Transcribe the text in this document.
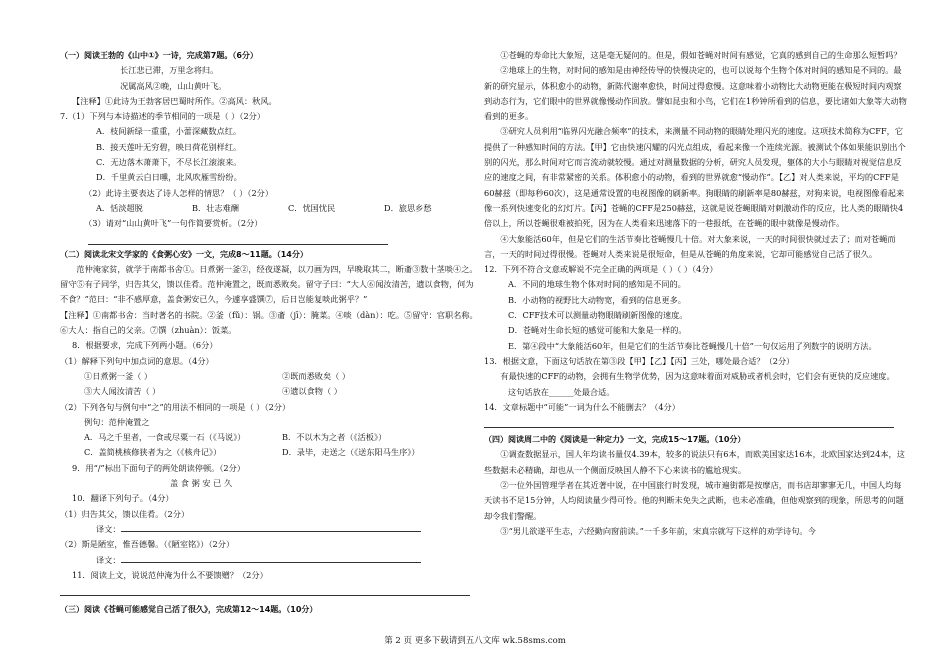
（一）阅读王勃的《山中①》一诗，完成第7题。（6分）

长江悲已滞，万里念将归。

况属高风②晚，山山黄叶飞。

【注释】①此诗为王勃客居巴蜀时所作。②高风：秋风。

7.（1）下列与本诗描述的季节相同的一项是（ ）（2分）

A．枝间新绿一重重，小蕾深藏数点红。

B．接天莲叶无穷碧，映日荷花别样红。

C．无边落木萧萧下，不尽长江滚滚来。

D．千里黄云白日曛，北风吹雁雪纷纷。

（2）此诗主要表达了诗人怎样的情思？（ ）（2分）

A．恬淡超脱	B．壮志难酬	C．忧国忧民	D．旅思乡愁

（3）请对“山山黄叶飞”一句作简要赏析。（2分）

（二）阅读北宋文学家的《食粥心安》一文，完成8～11题。（14分）

范仲淹家贫，就学于南都书舍①。日煮粥一釜②，经夜遂凝，以刀画为四，早晚取其二，断齑③数十茎啖④之。留守⑤有子同学，归告其父，馈以佳肴。范仲淹置之，既而悉败矣。留守子曰：“大人⑥闻汝清苦，遗以食物，何为不食？”范曰：“非不感厚意，盖食粥安已久，今遽享盛馔⑦，后日岂能复啖此粥乎？”

【注释】①南都书舍：当时著名的书院。②釜（fǔ）：锅。③齑（jī）：腌菜。④啖（dàn）：吃。⑤留守：官职名称。⑥大人：指自己的父亲。⑦馔（zhuàn）：饭菜。

8．根据要求，完成下列两小题。（6分）

（1）解释下列句中加点词的意思。（4分）

①日煮粥一釜（ ）	②既而悉败矣（ ）

③大人闻汝清苦（ ）	④遗以食物（ ）

（2）下列各句与例句中“之”的用法不相同的一项是（ ）（2分）

例句：范仲淹置之

A．马之千里者，一食或尽粟一石（《马说》）	B．不以木为之者（《活板》）

C．盖简桃核修狭者为之（《核舟记》）	D．录毕，走送之（《送东阳马生序》）

9．用“/”标出下面句子的两处朗读停顿。（2分）

盖 食 粥 安 已 久

10．翻译下列句子。（4分）

（1）归告其父，馈以佳肴。（2分）

译文：

（2）斯是陋室，惟吾德馨。（《陋室铭》）（2分）

译文：

11．阅读上文，说说范仲淹为什么不要馈赠？（2分）

（三）阅读《苍蝇可能感觉自己活了很久》，完成第12～14题。（10分）

①苍蝇的寿命比大象短，这是毫无疑问的。但是，假如苍蝇对时间有感觉，它真的感到自己的生命那么短暂吗？

②地球上的生物，对时间的感知是由神经传导的快慢决定的，也可以说每个生物个体对时间的感知是不同的。最新的研究显示，体积愈小的动物，新陈代谢率愈快，时间过得愈慢。这意味着小动物比大动物更能在极短时间内观察到动态行为，它们眼中的世界就像慢动作回放。譬如昆虫和小鸟，它们在1秒钟所看到的信息，要比诸如大象等大动物看到的更多。

③研究人员利用“临界闪光融合频率”的技术，来测量不同动物的眼睛处理闪光的速度。这项技术简称为CFF，它提供了一种感知时间的方法。【甲】它由快速闪耀的闪光点组成，看起来像一个连续光源。被测试个体如果能识别出个别的闪光，那么时间对它而言流动就较慢。通过对测量数据的分析，研究人员发现，躯体的大小与眼睛对视觉信息反应的速度之间，有非常紧密的关系。体积愈小的动物，看到的世界就愈“慢动作”。【乙】对人类来说，平均的CFF是60赫兹（即每秒60次），这是通常设置的电视图像的刷新率。狗眼睛的刷新率是80赫兹，对狗来说，电视图像看起来像一系列快速变化的幻灯片。【丙】苍蝇的CFF是250赫兹，这就是说苍蝇眼睛对刺激动作的反应，比人类的眼睛快4倍以上，所以苍蝇很难被拍死，因为在人类看来迅速落下的一巷报纸，在苍蝇的眼中就像是慢动作。

④大象能活60年，但是它们的生活节奏比苍蝇慢几十倍。对大象来说，一天的时间很快就过去了；而对苍蝇而言，一天的时间过得很慢。苍蝇对人类来说是很短命，但是从苍蝇的角度来说，它却可能感觉自己活了很久。

12．下列不符合文意或解说不完全正确的两项是（ ）（ ）（4分）

A．不同的地球生物个体对时间的感知是不同的。

B．小动物的视野比大动物宽，看到的信息更多。

C．CFF技术可以测量动物眼睛刷新图像的速度。

D．苍蝇对生命长短的感觉可能和大象是一样的。

E．第④段中“大象能活60年，但是它们的生活节奏比苍蝇慢几十倍”一句仅运用了列数字的说明方法。

13．根据文意，下面这句话放在第③段【甲】【乙】【丙】三处，哪处最合适？（2分）

有最快速的CFF的动物，会拥有生物学优势，因为这意味着面对威胁或者机会时，它们会有更快的反应速度。

这句话放在______处最合适。

14．文章标题中“可能”一词为什么不能删去？（4分）

（四）阅读周二中的《阅读是一种定力》一文，完成15～17题。（10分）

①调查数据显示，国人年均读书量仅4.39本，较多的说法只有6本，而欧美国家达16本，北欧国家达到24本，这些数据未必精确，却也从一个侧面反映国人静不下心来读书的尴尬现实。

②一位外国管理学者在其近著中说，在中国旅行时发现，城市遍街都是按摩店，而书店却寥寥无几，中国人均每天读书不足15分钟，人均阅读量少得可怜。他的判断未免失之武断，也未必准确，但他观察到的现象，所思考的问题却令我们警醒。

③“男儿欲遂平生志，六经勤向窗前读。”一千多年前，宋真宗就写下这样的劝学诗句。今

第 2 页 更多下载请到五八文库 wk.58sms.com
